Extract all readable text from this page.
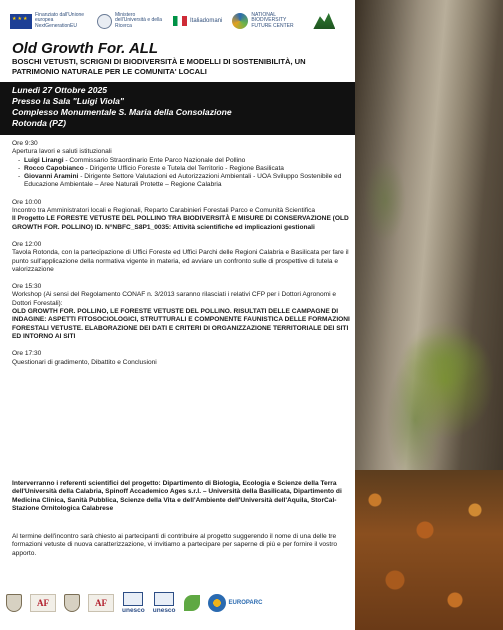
★★★
Finanziato dall'Unione europea NextGenerationEU
Ministero dell'Università e della Ricerca
Italiadomani
NATIONAL BIODIVERSITY FUTURE CENTER
Old Growth For. ALL
BOSCHI VETUSTI, SCRIGNI DI BIODIVERSITÀ E MODELLI DI SOSTENIBILITÀ, UN PATRIMONIO NATURALE PER LE COMUNITA' LOCALI
Lunedì 27 Ottobre 2025
Presso la Sala "Luigi Viola"
Complesso Monumentale S. Maria della Consolazione
Rotonda (PZ)
Ore 9:30

Apertura lavori e saluti istituzionali

- Luigi Lirangi - Commissario Straordinario Ente Parco Nazionale del Pollino
- Rocco Capobianco - Dirigente Ufficio Foreste e Tutela del Territorio - Regione Basilicata
- Giovanni Aramini - Dirigente Settore Valutazioni ed Autorizzazioni Ambientali - UOA Sviluppo Sostenibile ed Educazione Ambientale – Aree Naturali Protette – Regione Calabria
Ore 10:00

Incontro tra Amministratori locali e Regionali, Reparto Carabinieri Forestali Parco e Comunità Scientifica

Il Progetto LE FORESTE VETUSTE DEL POLLINO TRA BIODIVERSITÀ E MISURE DI CONSERVAZIONE (OLD GROWTH FOR. POLLINO) ID. N°NBFC_S8P1_0035: Attività scientifiche ed implicazioni gestionali

Ore 12:00

Tavola Rotonda, con la partecipazione di Uffici Foreste ed Uffici Parchi delle Regioni Calabria e Basilicata per fare il punto sull'applicazione della normativa vigente in materia, ed avviare un confronto sulle di prospettive di tutela e valorizzazione

Ore 15:30

Workshop (Ai sensi del Regolamento CONAF n. 3/2013 saranno rilasciati i relativi CFP per i Dottori Agronomi e Dottori Forestali):

OLD GROWTH FOR. POLLINO, LE FORESTE VETUSTE DEL POLLINO. RISULTATI DELLE CAMPAGNE DI INDAGINE: ASPETTI FITOSOCIOLOGICI, STRUTTURALI E COMPONENTE FAUNISTICA DELLE FORMAZIONI FORESTALI VETUSTE. ELABORAZIONE DEI DATI E CRITERI DI ORGANIZZAZIONE TERRITORIALE DEI SITI ED INTORNO AI SITI

Ore 17:30

Questionari di gradimento, Dibattito e Conclusioni

Interverranno i referenti scientifici del progetto: Dipartimento di Biologia, Ecologia e Scienze della Terra dell'Università della Calabria, Spinoff Accademico Ages s.r.l. – Università della Basilicata, Dipartimento di Medicina Clinica, Sanità Pubblica, Scienze della Vita e dell'Ambiente dell'Università dell'Aquila, StorCal-Stazione Ornitologica Calabrese

Al termine dell'incontro sarà chiesto ai partecipanti di contribuire al progetto suggerendo il nome di una delle tre formazioni vetuste di nuova caratterizzazione, vi invitiamo a partecipare per saperne di più e per fornire il vostro apporto.

AF	AF
unesco unesco
EUROPARC
